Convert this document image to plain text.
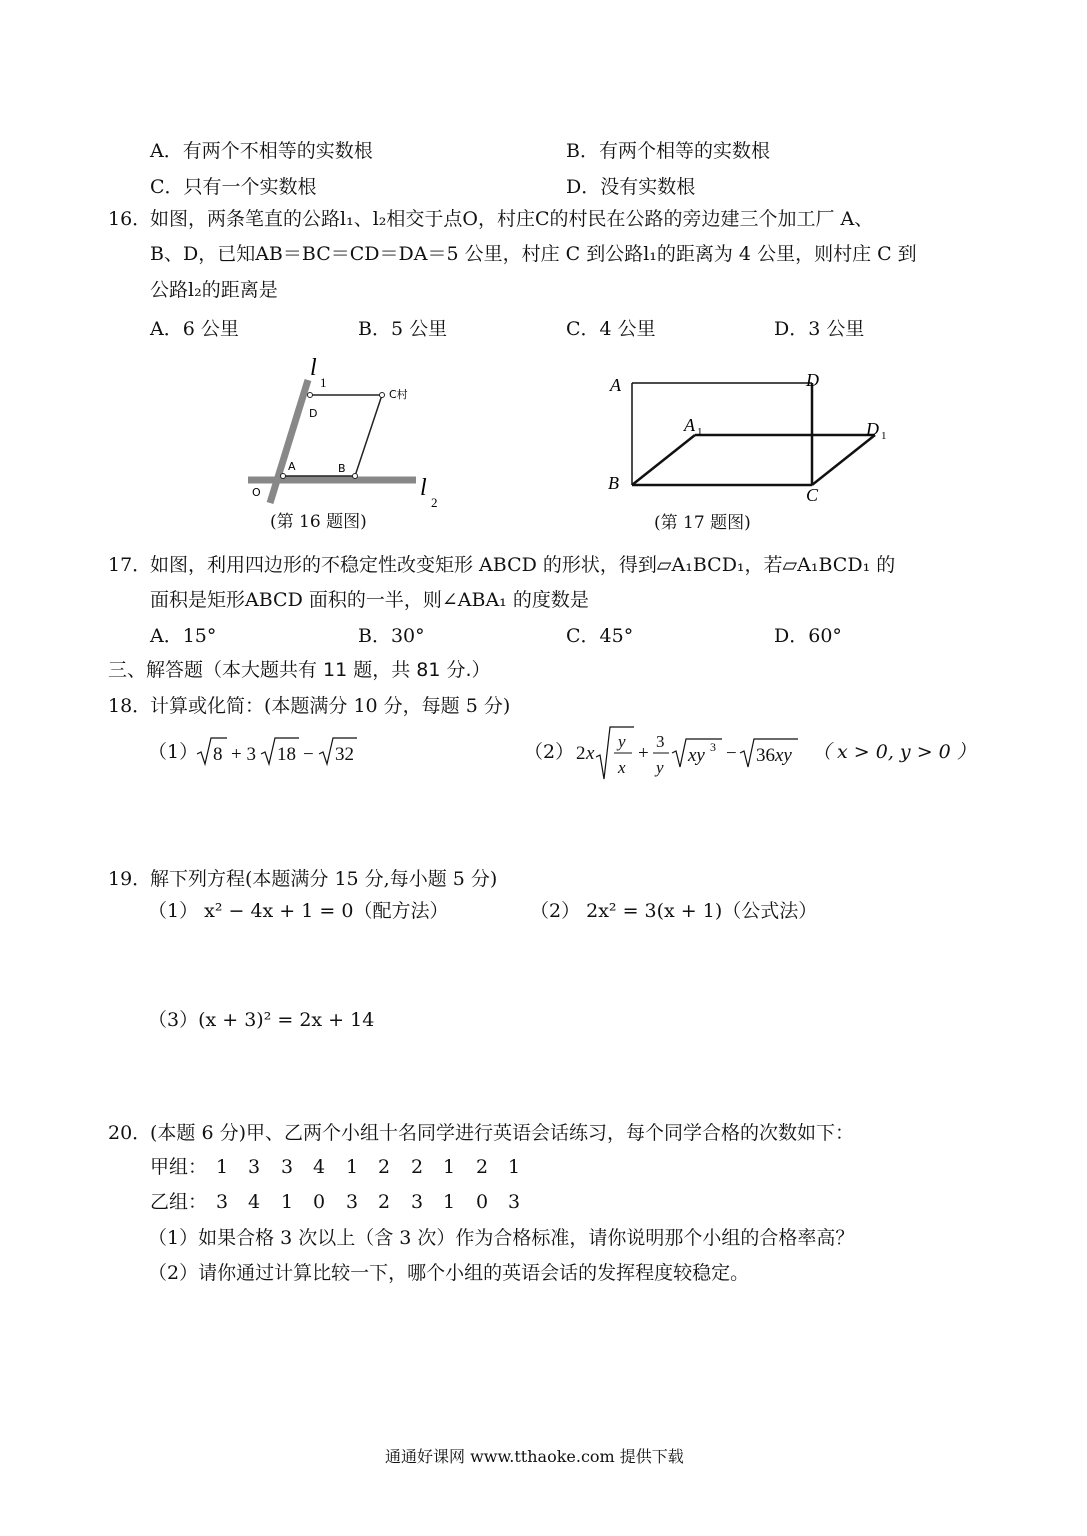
A．有两个不相等的实数根	B．有两个相等的实数根
C．只有一个实数根	D．没有实数根
16．
如图，两条笔直的公路l₁、l₂相交于点O，村庄C的村民在公路的旁边建三个加工厂 A、
B、D，已知AB＝BC＝CD＝DA＝5 公里，村庄 C 到公路l₁的距离为 4 公里，则村庄 C 到
公路l₂的距离是
A．6 公里	B．5 公里	C．4 公里	D．3 公里
l
1
l
2
O
A	B
C村
D
(第 16 题图)
A	D
B
C
A 1	D 1
(第 17 题图)
17．
如图，利用四边形的不稳定性改变矩形 ABCD 的形状，得到▱A₁BCD₁，若▱A₁BCD₁ 的
面积是矩形ABCD 面积的一半，则∠ABA₁ 的度数是
A．15°	B．30°	C．45°	D．60°
三、解答题（本大题共有 11 题，共 81 分.）
18．
计算或化简：(本题满分 10 分，每题 5 分)
（1） 8 + 3 18 − 32	（2） 2 x
y
x
+
3
y
xy 3 − 36 xy （ x > 0, y > 0 ）
19．
解下列方程(本题满分 15 分,每小题 5 分)
（1） x² − 4x + 1 = 0（配方法）	（2） 2x² = 3(x + 1)（公式法）
（3）(x + 3)² = 2x + 14
20．
(本题 6 分)甲、乙两个小组十名同学进行英语会话练习，每个同学合格的次数如下：
甲组： 1 3 3 4 1 2 2 1 2 1
乙组： 3 4 1 0 3 2 3 1 0 3
（1）如果合格 3 次以上（含 3 次）作为合格标准，请你说明那个小组的合格率高？
（2）请你通过计算比较一下，哪个小组的英语会话的发挥程度较稳定。
通通好课网 www.tthaoke.com 提供下载
